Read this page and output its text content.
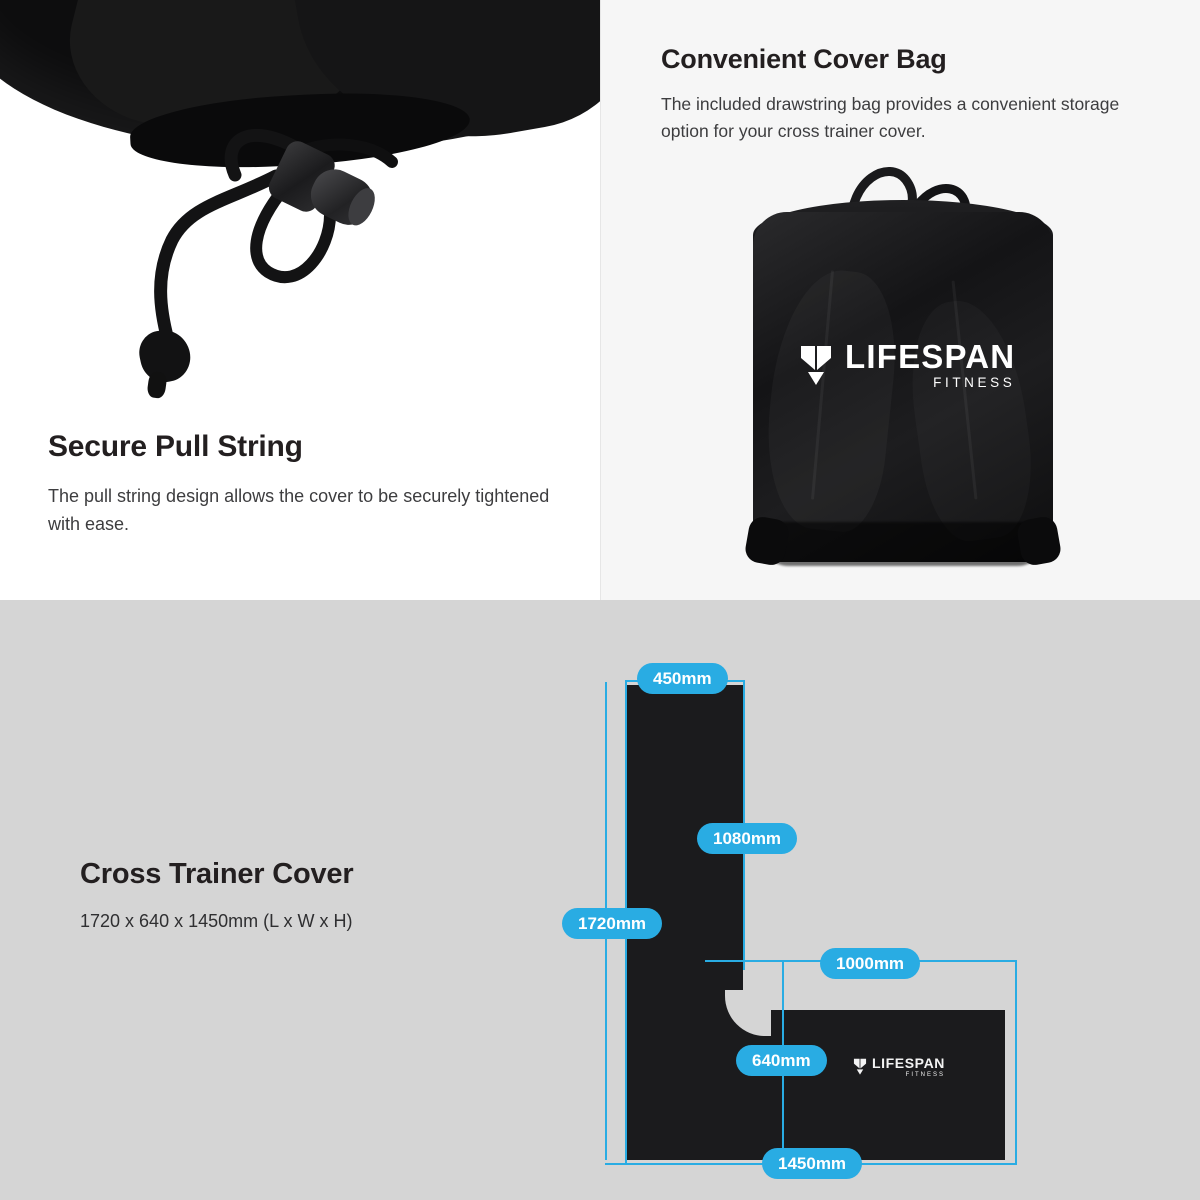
Secure Pull String
The pull string design allows the cover to be securely tightened with ease.
Convenient Cover Bag
The included drawstring bag provides a convenient storage option for your cross trainer cover.
LIFESPAN
FITNESS
Cross Trainer Cover
1720 x 640 x 1450mm (L x W x H)
LIFESPAN
FITNESS
450mm
1080mm
1720mm
1000mm
640mm
1450mm
